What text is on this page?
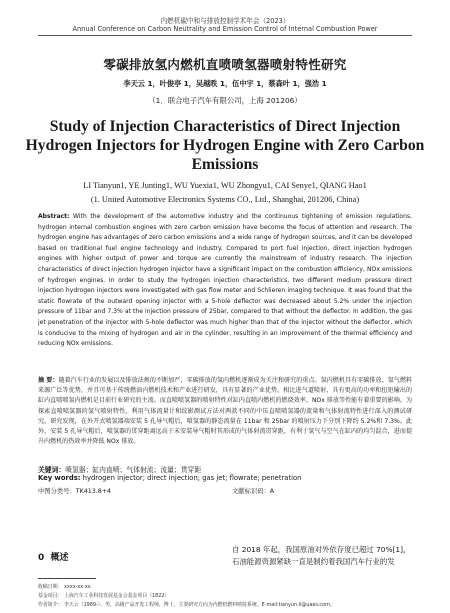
内燃机碳中和与排放控制学术年会（2023）
Annual Conference on Carbon Neutrality and Emission Control of Internal Combustion Power
零碳排放氢内燃机直喷喷氢器喷射特性研究
李天云 1，叶俊亭 1，吴越昳 1，伍中宇 1，蔡森叶 1，强浩 1
（1．联合电子汽车有限公司，上海 201206）
Study of Injection Characteristics of Direct Injection Hydrogen Injectors for Hydrogen Engine with Zero Carbon Emissions
LI Tianyun1, YE Junting1, WU Yuexia1, WU Zhongyu1, CAI Senye1, QIANG Hao1
(1. United Automotive Electronics Systems CO., Ltd., Shanghai, 201206, China)
Abstract: With the development of the automotive industry and the continuous tightening of emission regulations, hydrogen internal combustion engines with zero carbon emission have become the focus of attention and research. The hydrogen engine has advantages of zero carbon emissions and a wide range of hydrogen sources, and it can be developed based on traditional fuel engine technology and industry. Compared to port fuel injection, direct injection hydrogen engines with higher output of power and torque are currently the mainstream of industry research. The injection characteristics of direct injection hydrogen injector have a significant impact on the combustion efficiency, NOx emissions of hydrogen engines. In order to study the hydrogen injection characteristics, two different medium pressure direct injection hydrogen injectors were investigated with gas flow meter and Schlieren imaging technique. It was found that the static flowrate of the outward opening injector with a 5-hole deflector was decreased about 5.2% under the injection pressure of 11bar and 7.3% at the injection pressure of 25bar, compared to that without the deflector. In addition, the gas jet penetration of the injector with 5-hole deflector was much higher than that of the injector without the deflector, which is conducive to the mixing of hydrogen and air in the cylinder, resulting in an improvement of the thermal efficiency and reducing NOx emissions.
摘 要：随着汽车行业的发展以及排放法规的不断加严，零碳排放的氢内燃机逐渐成为关注和研究的重点。氢内燃机具有零碳排放、氢气燃料来源广泛等优势，并且可基于传统燃油内燃机技术和产业进行研发，具有显著的产业优势。相比进气道喷射，具有更高的功率和扭矩输出的缸内直喷喷氢内燃机是目前行业研究的主流。而直喷喷氢器的喷射特性对缸内直喷内燃机的燃烧效率、NOx 排放等性能有着重要的影响。为探索直喷喷氢器的氢气喷射特性，利用气体流量计和纹影测试方法对两款不同的中压直喷喷氢器的流量和气体射流特性进行深入的测试研究。研究发现，在外开式喷氢器端安装 5 孔导气帽后，喷氢器的静态流量在 11bar 和 25bar 的喷射压力下分别下降约 5.2%和 7.3%。此外，安装 5 孔导气帽后，喷氢器的贯穿距离远高于未安装导气帽时其形成的气体射流贯穿距，有利于氢气与空气在缸内的均匀混合，进而提升内燃机的热效率并降低 NOx 排放。
关键词：喷氢器；缸内直喷；气体射流；流量；贯穿距
Key words: hydrogen injector; direct injection; gas jet; flowrate; penetration
中图分类号：TK413.8+4	文献标识码：A
0 概述
自 2018 年起，我国原油对外依存度已超过 70%[1]，石油能源资源紧缺一直是制约着我国汽车行业的发
收稿日期： xxxx-xx-xx
基金项目： 上海汽车工业科技发展基金会基金项目（1822）
作者简介： 李天云（1989-），男，高级产品开发工程师，博士，主要研究方向为内燃机燃料喷射系统。E-mail:tianyun.li@uaes.com。
